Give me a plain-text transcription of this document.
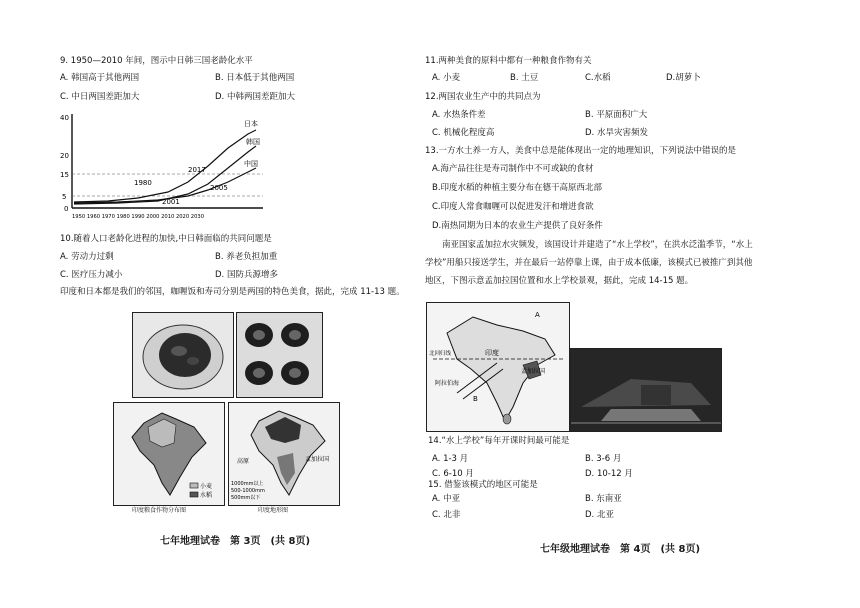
9. 1950—2010 年间，图示中日韩三国老龄化水平
A. 韩国高于其他两国	B. 日本低于其他两国
C. 中日两国差距加大	D. 中韩两国差距加大
40
20
15
5
0
日本
韩国
中国
1980
2017
2005
2001
1950 1960 1970 1980 1990 2000 2010 2020 2030
10.随着人口老龄化进程的加快,中日韩面临的共同问题是
A. 劳动力过剩	B. 养老负担加重
C. 医疗压力减小	D. 国防兵源增多
印度和日本都是我们的邻国，咖喱饭和寿司分别是两国的特色美食，据此，完成 11-13 题。
小麦
水稻
印度粮食作物分布图
高原	孟加拉国
1000mm以上
500-1000mm
500mm以下
印度地形图
七年地理试卷　第 3页　(共 8页)
11.两种美食的原料中都有一种粮食作物有关
A. 小麦	B. 土豆	C.水稻	D.胡萝卜
12.两国农业生产中的共同点为
A. 水热条件差	B. 平原面积广大
C. 机械化程度高	D. 水旱灾害频发
13.一方水土养一方人，美食中总是能体现出一定的地理知识，下列说法中错误的是
A.海产品往往是寿司制作中不可或缺的食材
B.印度水稻的种植主要分布在德干高原西北部
C.印度人常食咖喱可以促进发汗和增进食欲
D.南热同期为日本的农业生产提供了良好条件
南亚国家孟加拉水灾频发，该国设计并建造了“水上学校”，在洪水泛滥季节，“水上
学校”用船只接送学生，并在最后一站停靠上课，由于成本低廉，该模式已被推广到其他
地区，下图示意孟加拉国位置和水上学校景观，据此，完成 14-15 题。
A
印度
孟加拉国
阿拉伯海
北回归线
B
14.“水上学校”每年开课时间最可能是
A. 1-3 月	B. 3-6 月
C. 6-10 月	D. 10-12 月
15. 借鉴该模式的地区可能是
A. 中亚	B. 东南亚
C. 北非	D. 北亚
七年级地理试卷　第 4页　(共 8页)
